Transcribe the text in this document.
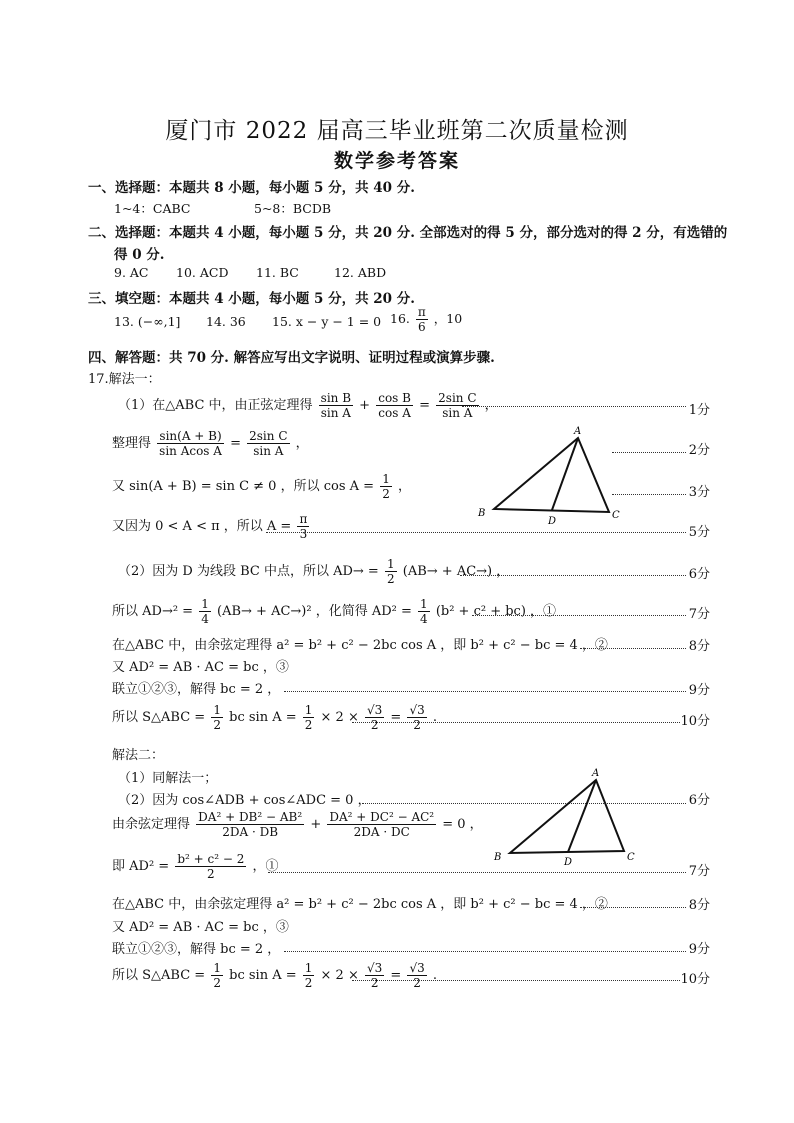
厦门市 2022 届高三毕业班第二次质量检测
数学参考答案
一、选择题：本题共 8 小题，每小题 5 分，共 40 分.
1~4：CABC	5~8：BCDB
二、选择题：本题共 4 小题，每小题 5 分，共 20 分. 全部选对的得 5 分，部分选对的得 2 分，有选错的
得 0 分.
9. AC 10. ACD 11. BC	12. ABD
三、填空题：本题共 4 小题，每小题 5 分，共 20 分.
13. (−∞,1] 14. 36 15. x − y − 1 = 0 16. $\frac{\pi}{6}$ ，10
四、解答题：共 70 分. 解答应写出文字说明、证明过程或演算步骤.
17.解法一：
（1）在△ABC 中，由正弦定理得 $\frac{\text{sin B}}{\text{sin A}} + \frac{\text{cos B}}{\text{cos A}} = \frac{\text{2sin C}}{\text{sin A}}$ ，	1分
整理得 $\frac{\sin(A + B)}{\text{sin Acos A}} = \frac{\text{2sin C}}{\text{sin A}}$ ，	2分
又 sin(A + B) = sin C ≠ 0 ，所以 $\cos A = \frac{1}{2}$ ，	3分
又因为 0 < A < π ，所以 $A = \frac{\pi}{3}$	5分
（2）因为 D 为线段 BC 中点，所以 $AD\to = \frac{1}{2} (AB\to + AC\to)$ ，	6分
所以 $AD\to^2 = \frac{1}{4} (AB\to + AC\to)^2$ ，化简得 $AD^2 = \frac{1}{4} (b^2 + c^2 + bc)$ ，①	7分
在△ABC 中，由余弦定理得 a² = b² + c² − 2bc cos A ，即 b² + c² − bc = 4 ，②	8分
又 AD² = AB · AC = bc ，③
联立①②③，解得 bc = 2 ，	9分
所以 S△ABC = $\frac{1}{2}$ bc $\sin A = \frac{1}{2} \times 2 \times \frac{√3}{2} = \frac{√3}{2}$ .	10分
解法二：
（1）同解法一；
（2）因为 cos∠ADB + cos∠ADC = 0 ，	6分
由余弦定理得 $\frac{\text{DA² + DB² − AB²}}{2DA \cdot DB} + \frac{\text{DA² + DC² − AC²}}{2DA \cdot DC} = 0$ ，
即 $AD^2 = \frac{\text{b² + c² − 2}}{2}$ ，①	7分
在△ABC 中，由余弦定理得 a² = b² + c² − 2bc cos A ，即 b² + c² − bc = 4 ，②	8分
又 AD² = AB · AC = bc ，③
联立①②③，解得 bc = 2 ，	9分
所以 S△ABC = $\frac{1}{2}$ bc $\sin A = \frac{1}{2} \times 2 \times \frac{√3}{2} = \frac{√3}{2}$ .	10分
A
B	C
D
A
B	C
D
